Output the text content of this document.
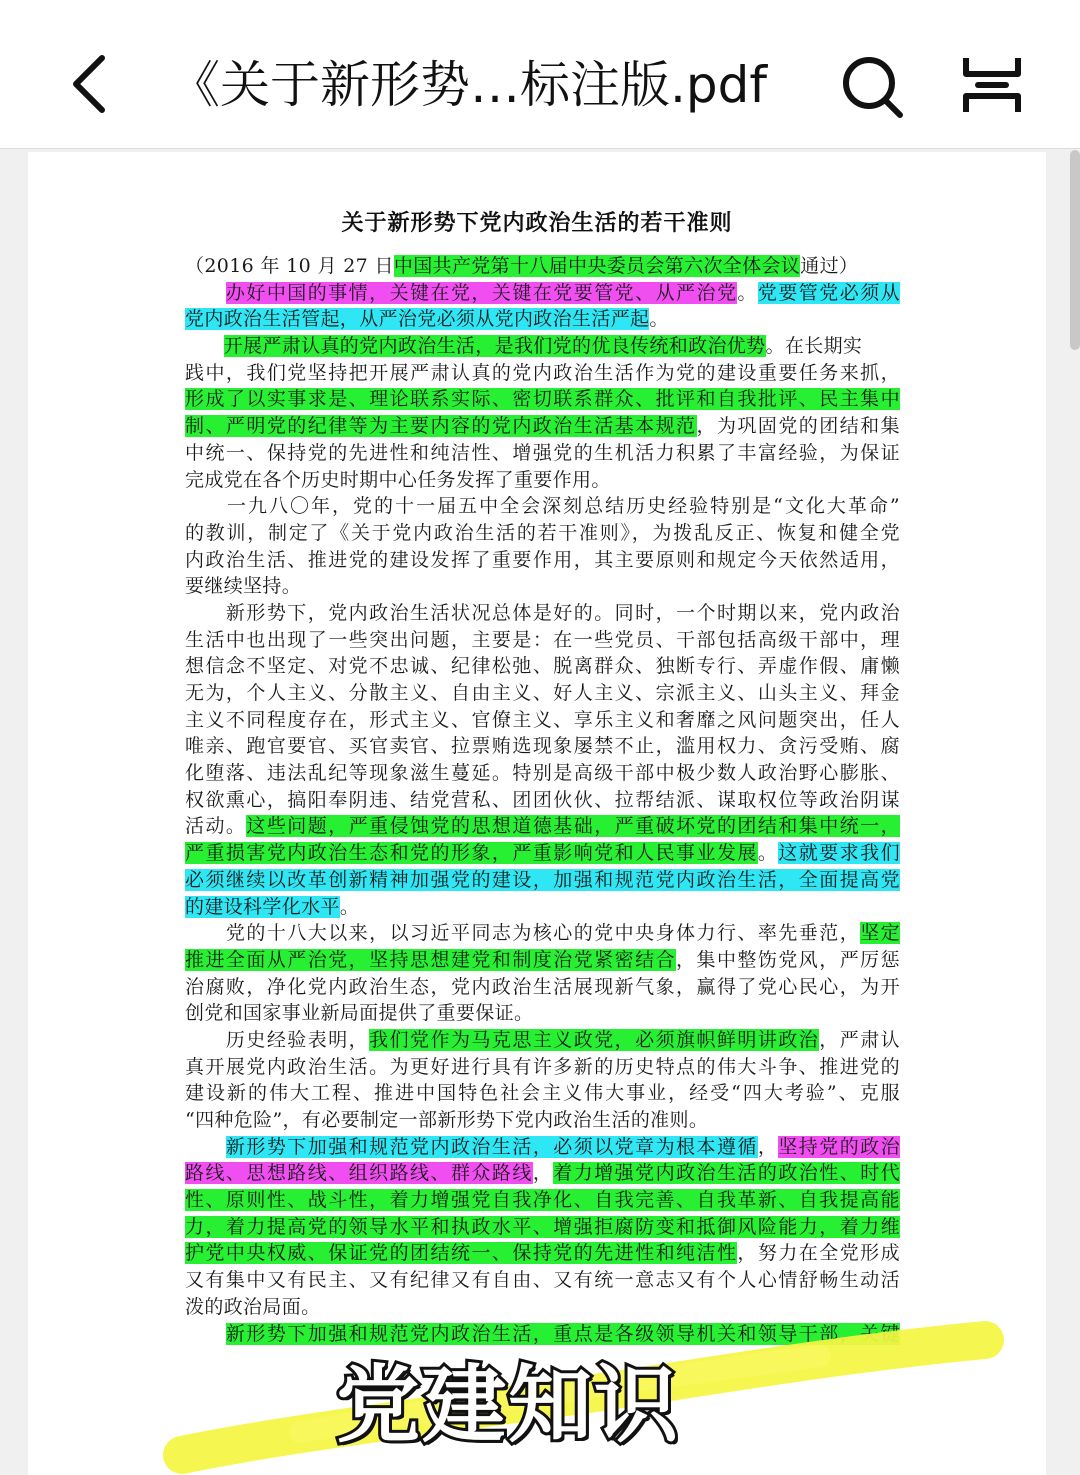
《关于新形势…标注版.pdf
关于新形势下党内政治生活的若干准则
（2016 年 10 月 27 日中国共产党第十八届中央委员会第六次全体会议通过）
　　办好中国的事情，关键在党，关键在党要管党、从严治党。党要管党必须从
党内政治生活管起，从严治党必须从党内政治生活严起。
　　开展严肃认真的党内政治生活，是我们党的优良传统和政治优势。在长期实
践中，我们党坚持把开展严肃认真的党内政治生活作为党的建设重要任务来抓，
形成了以实事求是、理论联系实际、密切联系群众、批评和自我批评、民主集中
制、严明党的纪律等为主要内容的党内政治生活基本规范，为巩固党的团结和集
中统一、保持党的先进性和纯洁性、增强党的生机活力积累了丰富经验，为保证
完成党在各个历史时期中心任务发挥了重要作用。
　　一九八〇年，党的十一届五中全会深刻总结历史经验特别是“文化大革命”
的教训，制定了《关于党内政治生活的若干准则》，为拨乱反正、恢复和健全党
内政治生活、推进党的建设发挥了重要作用，其主要原则和规定今天依然适用，
要继续坚持。
　　新形势下，党内政治生活状况总体是好的。同时，一个时期以来，党内政治
生活中也出现了一些突出问题，主要是：在一些党员、干部包括高级干部中，理
想信念不坚定、对党不忠诚、纪律松弛、脱离群众、独断专行、弄虚作假、庸懒
无为，个人主义、分散主义、自由主义、好人主义、宗派主义、山头主义、拜金
主义不同程度存在，形式主义、官僚主义、享乐主义和奢靡之风问题突出，任人
唯亲、跑官要官、买官卖官、拉票贿选现象屡禁不止，滥用权力、贪污受贿、腐
化堕落、违法乱纪等现象滋生蔓延。特别是高级干部中极少数人政治野心膨胀、
权欲熏心，搞阳奉阴违、结党营私、团团伙伙、拉帮结派、谋取权位等政治阴谋
活动。这些问题，严重侵蚀党的思想道德基础，严重破坏党的团结和集中统一，
严重损害党内政治生态和党的形象，严重影响党和人民事业发展。这就要求我们
必须继续以改革创新精神加强党的建设，加强和规范党内政治生活，全面提高党
的建设科学化水平。
　　党的十八大以来，以习近平同志为核心的党中央身体力行、率先垂范，坚定
推进全面从严治党，坚持思想建党和制度治党紧密结合，集中整饬党风，严厉惩
治腐败，净化党内政治生态，党内政治生活展现新气象，赢得了党心民心，为开
创党和国家事业新局面提供了重要保证。
　　历史经验表明，我们党作为马克思主义政党，必须旗帜鲜明讲政治，严肃认
真开展党内政治生活。为更好进行具有许多新的历史特点的伟大斗争、推进党的
建设新的伟大工程、推进中国特色社会主义伟大事业，经受“四大考验”、克服
“四种危险”，有必要制定一部新形势下党内政治生活的准则。
　　新形势下加强和规范党内政治生活，必须以党章为根本遵循，坚持党的政治
路线、思想路线、组织路线、群众路线，着力增强党内政治生活的政治性、时代
性、原则性、战斗性，着力增强党自我净化、自我完善、自我革新、自我提高能
力，着力提高党的领导水平和执政水平、增强拒腐防变和抵御风险能力，着力维
护党中央权威、保证党的团结统一、保持党的先进性和纯洁性，努力在全党形成
又有集中又有民主、又有纪律又有自由、又有统一意志又有个人心情舒畅生动活
泼的政治局面。
　　新形势下加强和规范党内政治生活，重点是各级领导机关和领导干部，关键
党建知识
